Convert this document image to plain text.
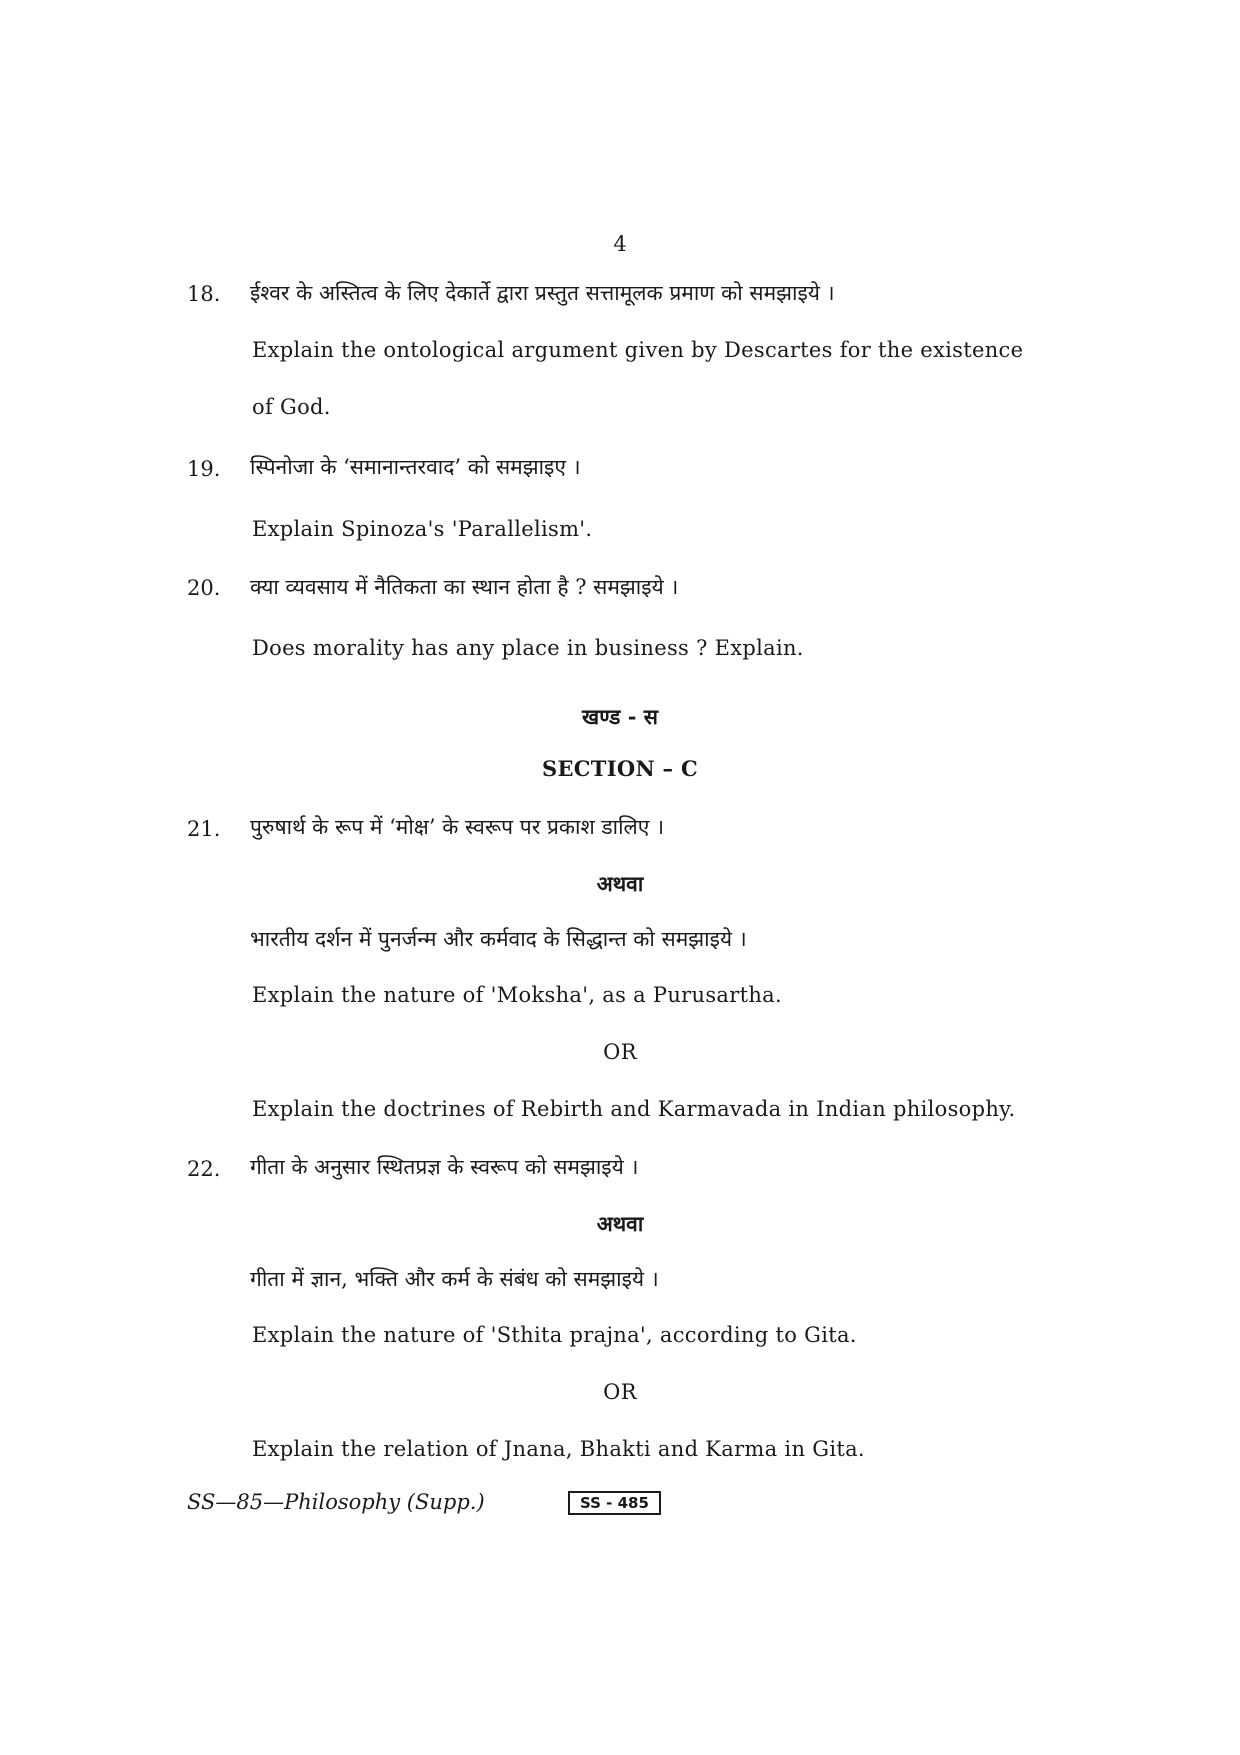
4
18. ईश्वर के अस्तित्व के लिए देकार्ते द्वारा प्रस्तुत सत्तामूलक प्रमाण को समझाइये ।
Explain the ontological argument given by Descartes for the existence
of God.
19. स्पिनोजा के ‘समानान्तरवाद’ को समझाइए ।
Explain Spinoza's 'Parallelism'.
20. क्या व्यवसाय में नैतिकता का स्थान होता है ? समझाइये ।
Does morality has any place in business ? Explain.
खण्ड - स
SECTION – C
21. पुरुषार्थ के रूप में ‘मोक्ष’ के स्वरूप पर प्रकाश डालिए ।
अथवा
भारतीय दर्शन में पुनर्जन्म और कर्मवाद के सिद्धान्त को समझाइये ।
Explain the nature of 'Moksha', as a Purusartha.
OR
Explain the doctrines of Rebirth and Karmavada in Indian philosophy.
22. गीता के अनुसार स्थितप्रज्ञ के स्वरूप को समझाइये ।
अथवा
गीता में ज्ञान, भक्ति और कर्म के संबंध को समझाइये ।
Explain the nature of 'Sthita prajna', according to Gita.
OR
Explain the relation of Jnana, Bhakti and Karma in Gita.
SS—85—Philosophy (Supp.)	SS - 485
